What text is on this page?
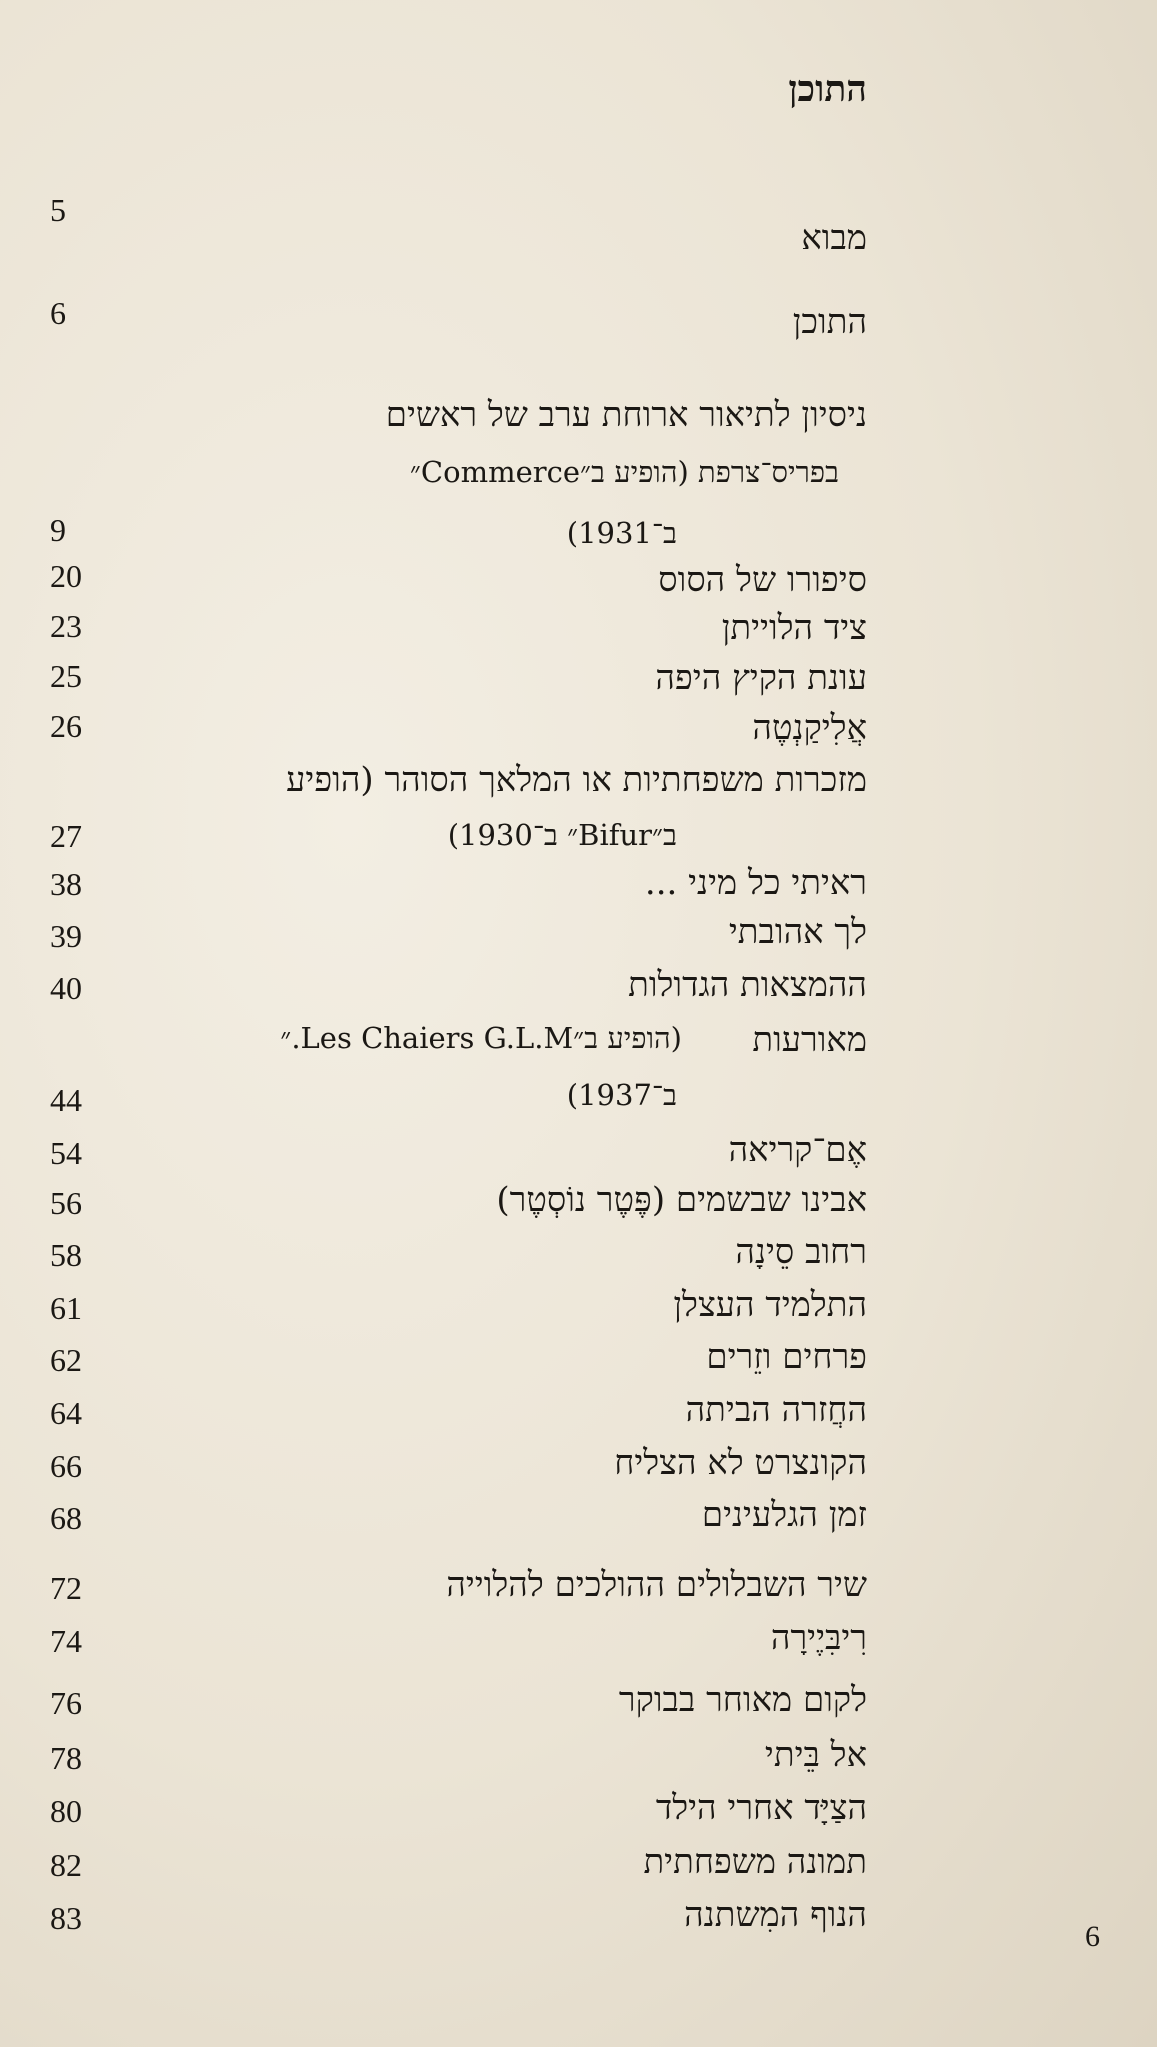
התוכן
מבוא
5
התוכן
6
ניסיון לתיאור ארוחת ערב של ראשים
בפריס־צרפת (הופיע ב״Commerce״
ב־1931)
9
סיפורו של הסוס
20
ציד הלוייתן
23
עונת הקיץ היפה
25
אֲלִיקַנְטֶה
26
מזכרות משפחתיות או המלאך הסוהר (הופיע
ב״Bifur״ ב־1930)
27
ראיתי כל מיני ...
38
לך אהובתי
39
ההמצאות הגדולות
40
מאורעות
(הופיע ב״Les Chaiers G.L.M.״
ב־1937)
44
אֶם־קריאה
54
אבינו שבשמים (פֶּטֶר נוֹסְטֶר)
56
רחוב סֵינָה
58
התלמיד העצלן
61
פרחים וזֵרים
62
החֲזרה הביתה
64
הקונצרט לא הצליח
66
זמן הגלעינים
68
שיר השבלולים ההולכים להלוייה
72
רִיבִּיֶירָה
74
לקום מאוחר בבוקר
76
אל בֵּיתי
78
הצַיָּד אחרי הילד
80
תמונה משפחתית
82
הנוף המִשתנה
83
6
